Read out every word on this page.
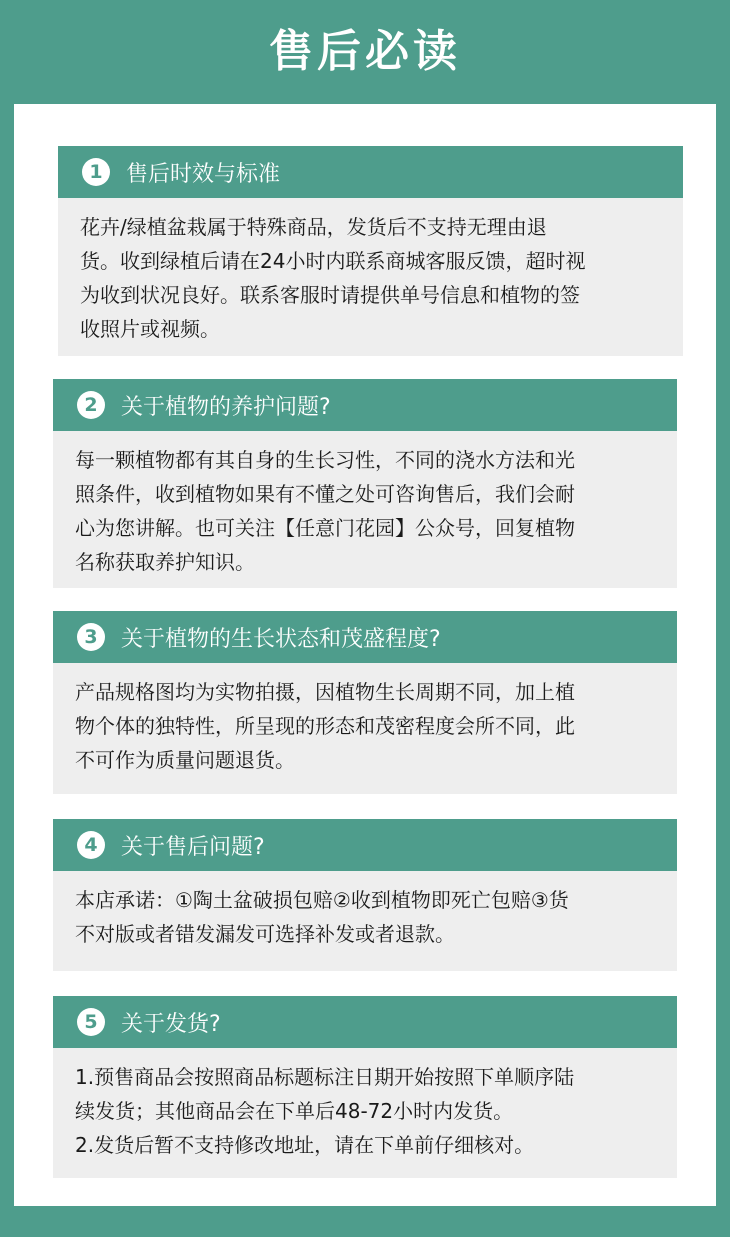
售后必读
1	售后时效与标准

花卉/绿植盆栽属于特殊商品，发货后不支持无理由退

货。收到绿植后请在24小时内联系商城客服反馈，超时视

为收到状况良好。联系客服时请提供单号信息和植物的签

收照片或视频。

2	关于植物的养护问题?

每一颗植物都有其自身的生长习性，不同的浇水方法和光

照条件，收到植物如果有不懂之处可咨询售后，我们会耐

心为您讲解。也可关注【任意门花园】公众号，回复植物

名称获取养护知识。

3	关于植物的生长状态和茂盛程度?

产品规格图均为实物拍摄，因植物生长周期不同，加上植

物个体的独特性，所呈现的形态和茂密程度会所不同，此

不可作为质量问题退货。

4	关于售后问题?

本店承诺：①陶土盆破损包赔②收到植物即死亡包赔③货

不对版或者错发漏发可选择补发或者退款。

5	关于发货?

1.预售商品会按照商品标题标注日期开始按照下单顺序陆

续发货；其他商品会在下单后48-72小时内发货。

2.发货后暂不支持修改地址，请在下单前仔细核对。
